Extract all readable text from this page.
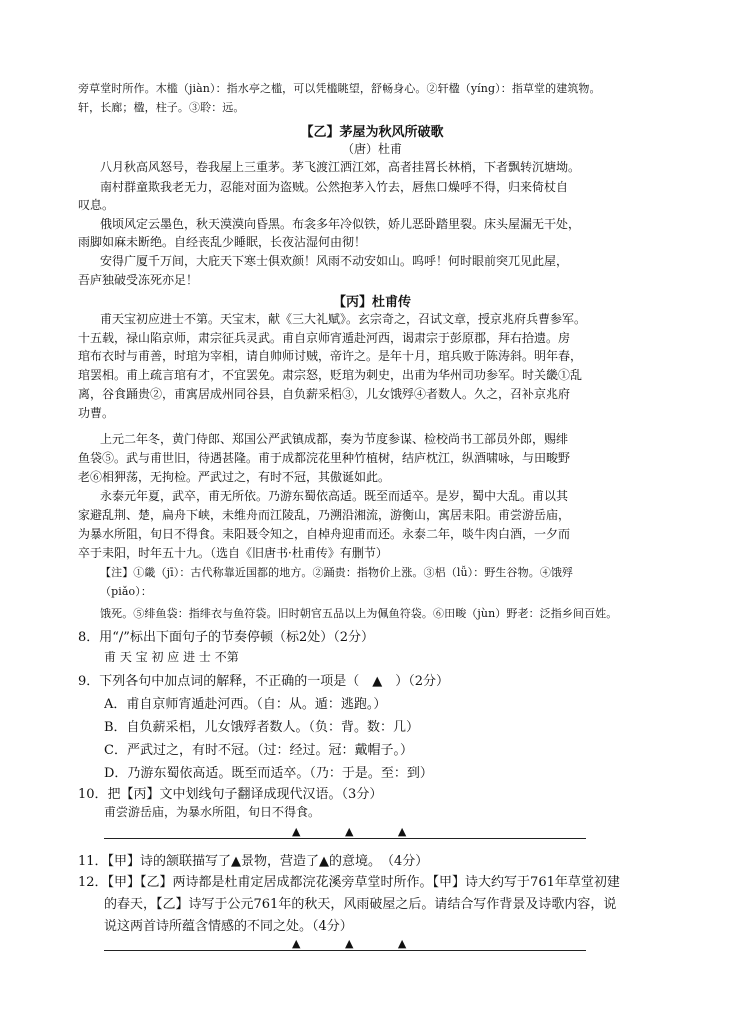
旁草堂时所作。木槛（jiàn）：指水亭之槛，可以凭槛眺望，舒畅身心。②轩楹（yíng）：指草堂的建筑物。
轩，长廊；楹，柱子。③聆：远。
【乙】茅屋为秋风所破歌
（唐）杜甫
八月秋高风怒号，卷我屋上三重茅。茅飞渡江洒江郊，高者挂罥长林梢，下者飘转沉塘坳。
南村群童欺我老无力，忍能对面为盗贼。公然抱茅入竹去，唇焦口燥呼不得，归来倚杖自
叹息。
俄顷风定云墨色，秋天漠漠向昏黑。布衾多年冷似铁，娇儿恶卧踏里裂。床头屋漏无干处，
雨脚如麻未断绝。自经丧乱少睡眠，长夜沾湿何由彻！
安得广厦千万间，大庇天下寒士俱欢颜！风雨不动安如山。呜呼！何时眼前突兀见此屋，
吾庐独破受冻死亦足！
【丙】杜甫传
甫天宝初应进士不第。天宝末，献《三大礼赋》。玄宗奇之，召试文章，授京兆府兵曹参军。
十五载，禄山陷京师，肃宗征兵灵武。甫自京师宵遁赴河西，谒肃宗于彭原郡，拜右拾遗。房
琯布衣时与甫善，时琯为宰相，请自帅师讨贼，帝许之。是年十月，琯兵败于陈涛斜。明年春，
琯罢相。甫上疏言琯有才，不宜罢免。肃宗怒，贬琯为刺史，出甫为华州司功参军。时关畿①乱
离，谷食踊贵②，甫寓居成州同谷县，自负薪采梠③，儿女饿殍④者数人。久之，召补京兆府
功曹。
上元二年冬，黄门侍郎、郑国公严武镇成都，奏为节度参谋、检校尚书工部员外郎，赐绯
鱼袋⑤。武与甫世旧，待遇甚隆。甫于成都浣花里种竹植树，结庐枕江，纵酒啸咏，与田畯野
老⑥相狎荡，无拘检。严武过之，有时不冠，其傲诞如此。
永泰元年夏，武卒，甫无所依。乃游东蜀依高适。既至而适卒。是岁，蜀中大乱。甫以其
家避乱荆、楚，扁舟下峡，未维舟而江陵乱，乃溯沿湘流，游衡山，寓居耒阳。甫尝游岳庙，
为暴水所阻，旬日不得食。耒阳聂令知之，自棹舟迎甫而还。永泰二年，啖牛肉白酒，一夕而
卒于耒阳，时年五十九。（选自《旧唐书·杜甫传》有删节）
【注】①畿（jī）：古代称靠近国都的地方。②踊贵：指物价上涨。③梠（lǚ）：野生谷物。④饿殍
（piǎo）：
饿死。⑤绯鱼袋：指绯衣与鱼符袋。旧时朝官五品以上为佩鱼符袋。⑥田畯（jùn）野老：泛指乡间百姓。
8．用“/”标出下面句子的节奏停顿（标2处）（2分）
甫 天 宝 初 应 进 士 不第
9．下列各句中加点词的解释，不正确的一项是（　▲　）（2分）
A．甫自京师宵遁赴河西。（自：从。遁：逃跑。）
B．自负薪采梠，儿女饿殍者数人。（负：背。数：几）
C．严武过之，有时不冠。（过：经过。冠：戴帽子。）
D．乃游东蜀依高适。既至而适卒。（乃：于是。至：到）
10．把【丙】文中划线句子翻译成现代汉语。（3分）
甫尝游岳庙，为暴水所阻，旬日不得食。
▲　　　　▲　　　　▲
11．【甲】诗的颔联描写了▲景物，营造了▲的意境。　（4分）
12．【甲】【乙】两诗都是杜甫定居成都浣花溪旁草堂时所作。【甲】诗大约写于761年草堂初建
的春天，【乙】诗写于公元761年的秋天，风雨破屋之后。请结合写作背景及诗歌内容，说
说这两首诗所蕴含情感的不同之处。（4分）
▲　　　　▲　　　　▲
